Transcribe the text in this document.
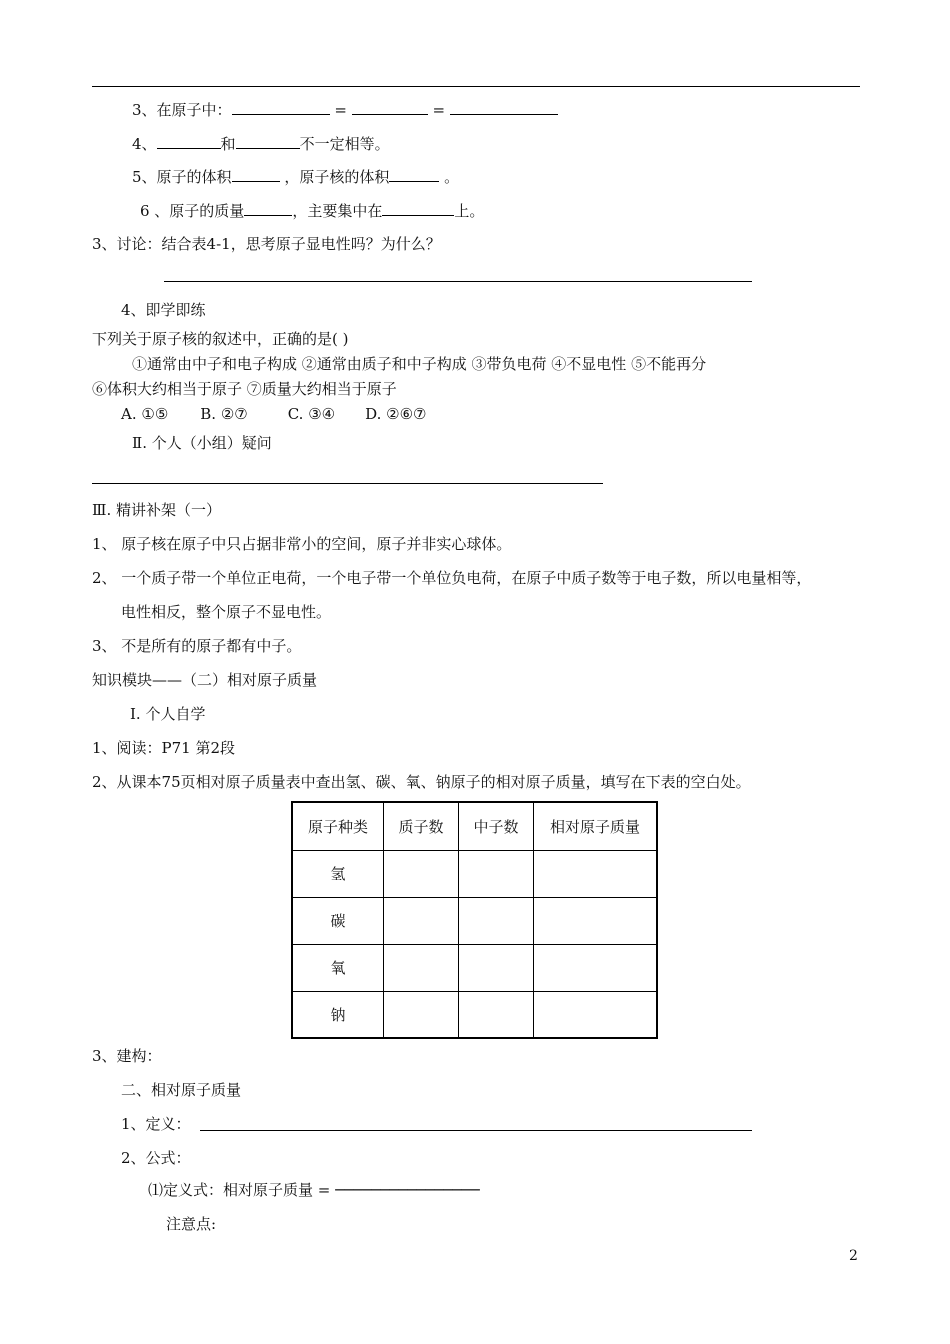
3、在原子中：	=	=
4、	和	不一定相等。
5、原子的体积	，原子核的体积	。
6 、原子的质量	，主要集中在	上。
3、讨论：结合表4-1，思考原子显电性吗？为什么？
4、即学即练
下列关于原子核的叙述中，正确的是( )
①通常由中子和电子构成 ②通常由质子和中子构成 ③带负电荷 ④不显电性 ⑤不能再分
⑥体积大约相当于原子 ⑦质量大约相当于原子
A. ①⑤ B. ②⑦	C. ③④ D. ②⑥⑦
Ⅱ. 个人（小组）疑问
Ⅲ. 精讲补架（一）
1、 原子核在原子中只占据非常小的空间，原子并非实心球体。
2、 一个质子带一个单位正电荷，一个电子带一个单位负电荷，在原子中质子数等于电子数，所以电量相等，
电性相反，整个原子不显电性。
3、 不是所有的原子都有中子。
知识模块——（二）相对原子质量
Ⅰ. 个人自学
1、阅读：P71 第2段
2、从课本75页相对原子质量表中查出氢、碳、氧、钠原子的相对原子质量，填写在下表的空白处。
原子种类	质子数	中子数	相对原子质量
氢			
碳			
氧			
钠			
3、建构：
二、相对原子质量
1、定义：
2、公式：
⑴定义式：相对原子质量 = ────────────────
注意点:
2
